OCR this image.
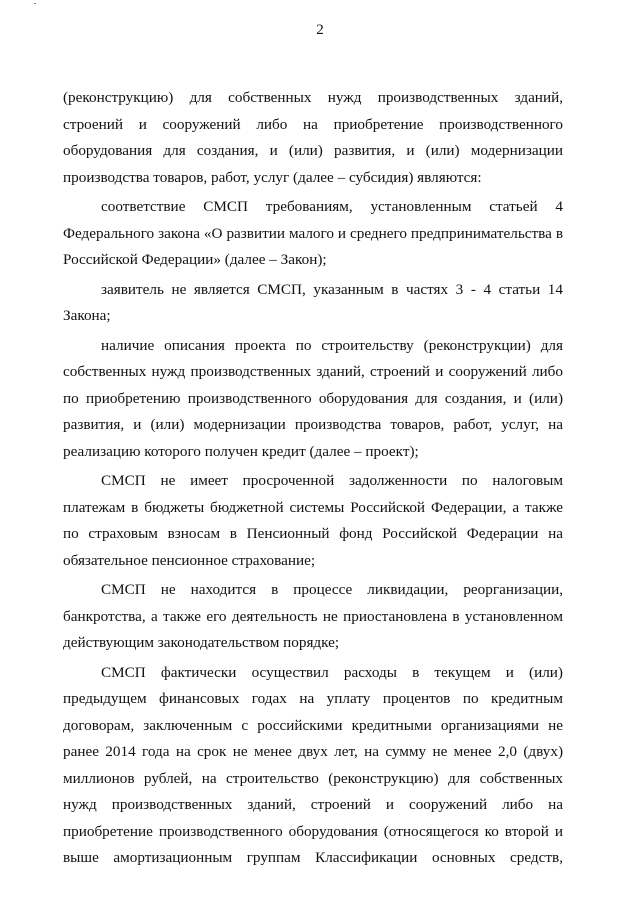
2

(реконструкцию) для собственных нужд производственных зданий, строений и сооружений либо на приобретение производственного оборудования для создания, и (или) развития, и (или) модернизации производства товаров, работ, услуг (далее – субсидия) являются:

соответствие СМСП требованиям, установленным статьей 4 Федерального закона «О развитии малого и среднего предпринимательства в Российской Федерации» (далее – Закон);

заявитель не является СМСП, указанным в частях 3 - 4 статьи 14 Закона;

наличие описания проекта по строительству (реконструкции) для собственных нужд производственных зданий, строений и сооружений либо по приобретению производственного оборудования для создания, и (или) развития, и (или) модернизации производства товаров, работ, услуг, на реализацию которого получен кредит (далее – проект);

СМСП не имеет просроченной задолженности по налоговым платежам в бюджеты бюджетной системы Российской Федерации, а также по страховым взносам в Пенсионный фонд Российской Федерации на обязательное пенсионное страхование;

СМСП не находится в процессе ликвидации, реорганизации, банкротства, а также его деятельность не приостановлена в установленном действующим законодательством порядке;

СМСП фактически осуществил расходы в текущем и (или) предыдущем финансовых годах на уплату процентов по кредитным договорам, заключенным с российскими кредитными организациями не ранее 2014 года на срок не менее двух лет, на сумму не менее 2,0 (двух) миллионов рублей, на строительство (реконструкцию) для собственных нужд производственных зданий, строений и сооружений либо на приобретение производственного оборудования (относящегося ко второй и выше амортизационным группам Классификации основных средств,
